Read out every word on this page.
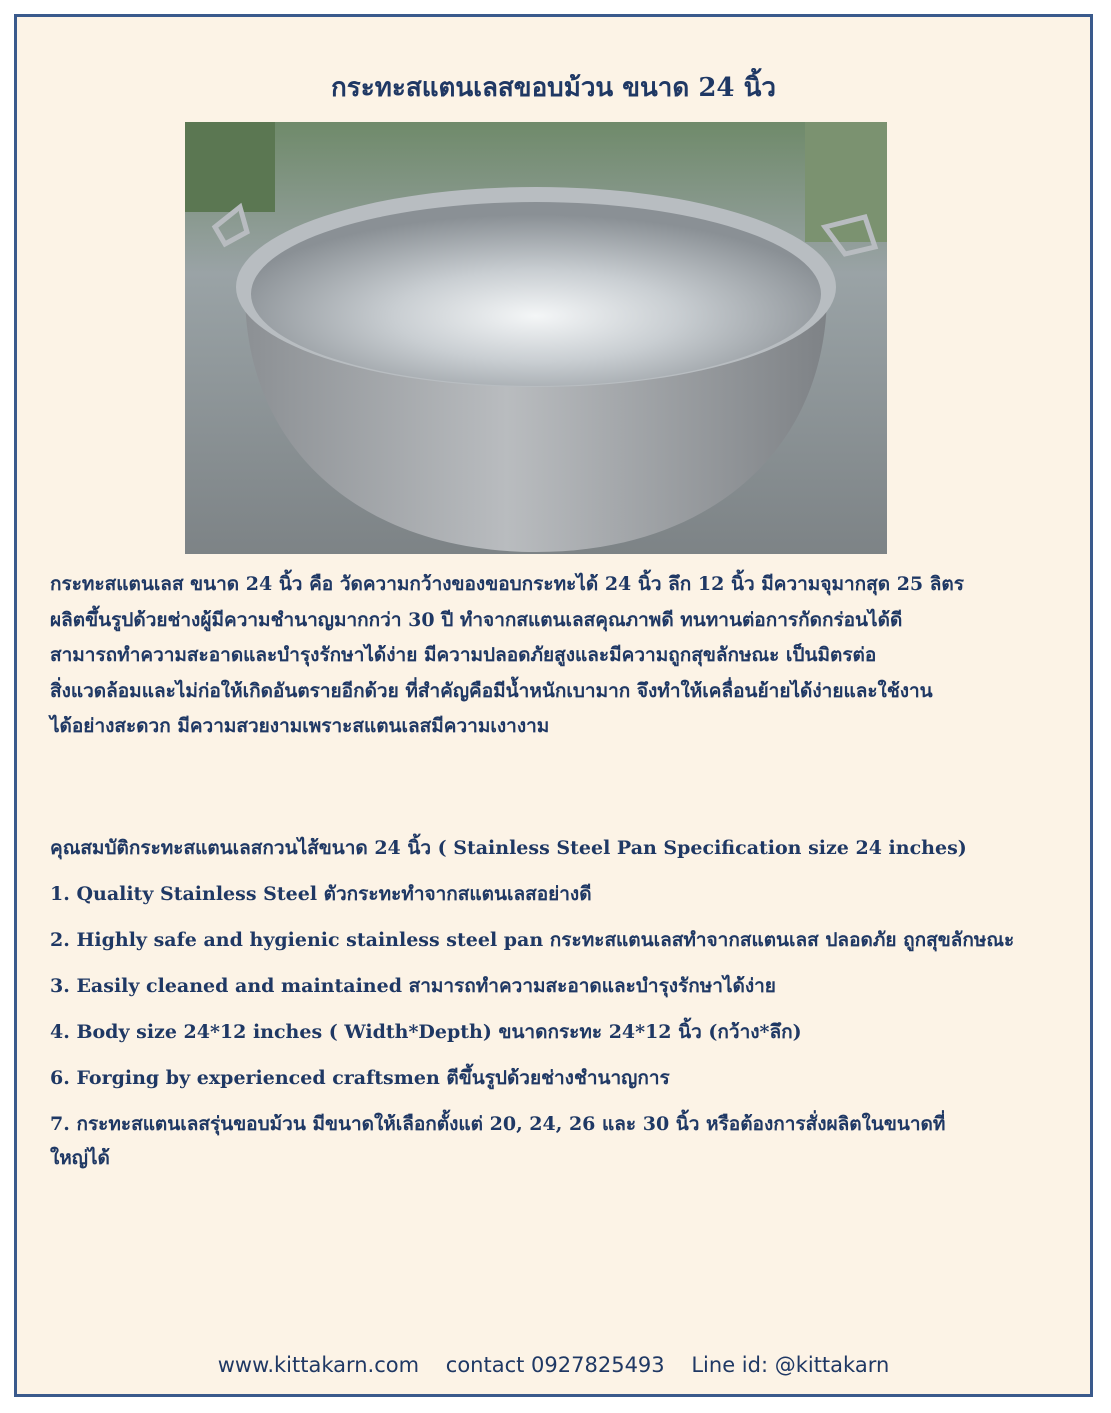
กระทะสแตนเลสขอบม้วน ขนาด 24 นิ้ว
กระทะสแตนเลส ขนาด 24 นิ้ว คือ วัดความกว้างของขอบกระทะได้ 24 นิ้ว ลึก 12 นิ้ว มีความจุมากสุด 25 ลิตร
ผลิตขึ้นรูปด้วยช่างผู้มีความชำนาญมากกว่า 30 ปี ทำจากสแตนเลสคุณภาพดี ทนทานต่อการกัดกร่อนได้ดี
สามารถทำความสะอาดและบำรุงรักษาได้ง่าย มีความปลอดภัยสูงและมีความถูกสุขลักษณะ เป็นมิตรต่อ
สิ่งแวดล้อมและไม่ก่อให้เกิดอันตรายอีกด้วย ที่สำคัญคือมีน้ำหนักเบามาก จึงทำให้เคลื่อนย้ายได้ง่ายและใช้งาน
ได้อย่างสะดวก มีความสวยงามเพราะสแตนเลสมีความเงางาม
คุณสมบัติกระทะสแตนเลสกวนไส้ขนาด 24 นิ้ว ( Stainless Steel Pan Specification size 24 inches)
1. Quality Stainless Steel ตัวกระทะทำจากสแตนเลสอย่างดี
2. Highly safe and hygienic stainless steel pan กระทะสแตนเลสทำจากสแตนเลส ปลอดภัย ถูกสุขลักษณะ
3. Easily cleaned and maintained สามารถทำความสะอาดและบำรุงรักษาได้ง่าย
4. Body size 24*12 inches ( Width*Depth) ขนาดกระทะ 24*12 นิ้ว (กว้าง*ลึก)
6. Forging by experienced craftsmen ตีขึ้นรูปด้วยช่างชำนาญการ
7. กระทะสแตนเลสรุ่นขอบม้วน มีขนาดให้เลือกตั้งแต่ 20, 24, 26 และ 30 นิ้ว หรือต้องการสั่งผลิตในขนาดที่
ใหญ่ได้
www.kittakarn.com contact 0927825493 Line id: @kittakarn
